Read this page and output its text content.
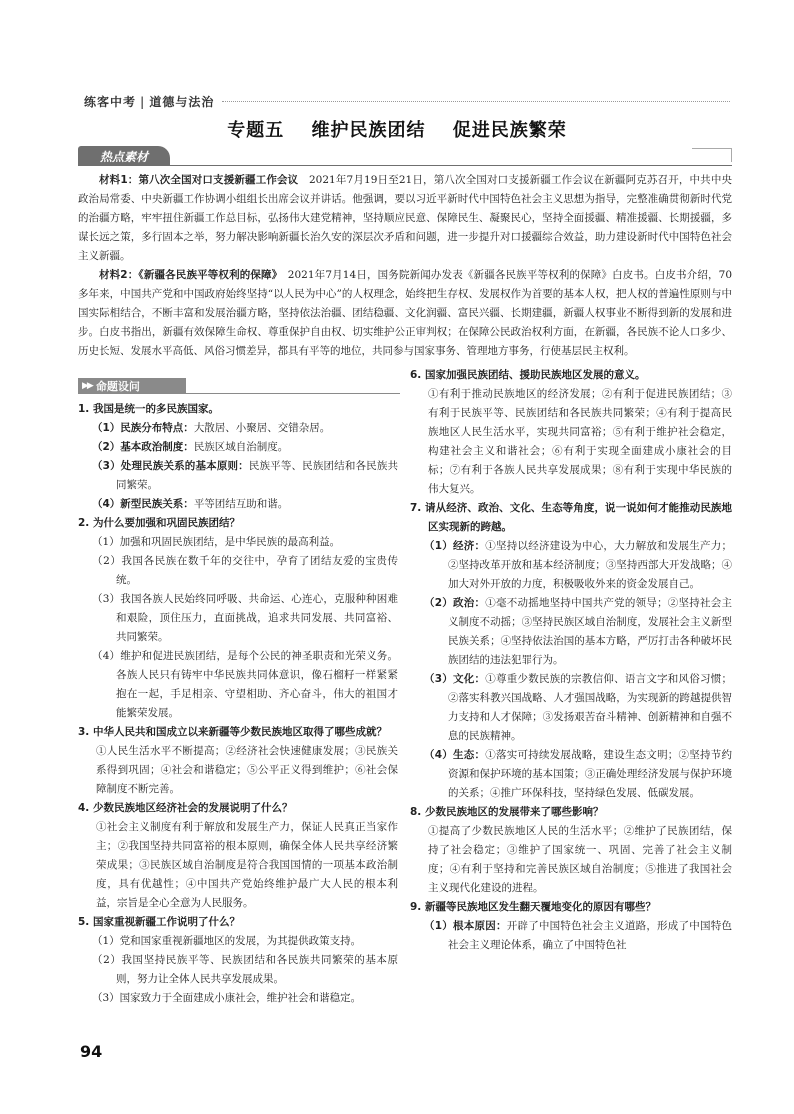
练客中考 | 道德与法治
专题五 维护民族团结 促进民族繁荣
热点素材

材料1：第八次全国对口支援新疆工作会议　 2021年7月19日至21日，第八次全国对口支援新疆工作会议在新疆阿克苏召开，中共中央政治局常委、中央新疆工作协调小组组长出席会议并讲话。他强调，要以习近平新时代中国特色社会主义思想为指导，完整准确贯彻新时代党的治疆方略，牢牢扭住新疆工作总目标，弘扬伟大建党精神，坚持顺应民意、保障民生、凝聚民心，坚持全面援疆、精准援疆、长期援疆，多谋长远之策，多行固本之举，努力解决影响新疆长治久安的深层次矛盾和问题，进一步提升对口援疆综合效益，助力建设新时代中国特色社会主义新疆。

材料2：《新疆各民族平等权利的保障》　 2021年7月14日，国务院新闻办发表《新疆各民族平等权利的保障》白皮书。白皮书介绍，70多年来，中国共产党和中国政府始终坚持“以人民为中心”的人权理念，始终把生存权、发展权作为首要的基本人权，把人权的普遍性原则与中国实际相结合，不断丰富和发展治疆方略，坚持依法治疆、团结稳疆、文化润疆、富民兴疆、长期建疆，新疆人权事业不断得到新的发展和进步。白皮书指出，新疆有效保障生命权、尊重保护自由权、切实维护公正审判权；在保障公民政治权利方面，在新疆，各民族不论人口多少、历史长短、发展水平高低、风俗习惯差异，都具有平等的地位，共同参与国家事务、管理地方事务，行使基层民主权利。

▶▶ 命题设问
1. 我国是统一的多民族国家。
（1）民族分布特点：大散居、小聚居、交错杂居。
（2）基本政治制度：民族区域自治制度。
（3）处理民族关系的基本原则：民族平等、民族团结和各民族共同繁荣。
（4）新型民族关系：平等团结互助和谐。
2. 为什么要加强和巩固民族团结？
（1）加强和巩固民族团结，是中华民族的最高利益。
（2）我国各民族在数千年的交往中，孕育了团结友爱的宝贵传统。
（3）我国各族人民始终同呼吸、共命运、心连心，克服种种困难和艰险，顶住压力，直面挑战，追求共同发展、共同富裕、共同繁荣。
（4）维护和促进民族团结，是每个公民的神圣职责和光荣义务。各族人民只有铸牢中华民族共同体意识，像石榴籽一样紧紧抱在一起，手足相亲、守望相助、齐心奋斗，伟大的祖国才能繁荣发展。
3. 中华人民共和国成立以来新疆等少数民族地区取得了哪些成就？
①人民生活水平不断提高；②经济社会快速健康发展；③民族关系得到巩固；④社会和谐稳定；⑤公平正义得到维护；⑥社会保障制度不断完善。
4. 少数民族地区经济社会的发展说明了什么？
①社会主义制度有利于解放和发展生产力，保证人民真正当家作主；②我国坚持共同富裕的根本原则，确保全体人民共享经济繁荣成果；③民族区域自治制度是符合我国国情的一项基本政治制度，具有优越性；④中国共产党始终维护最广大人民的根本利益，宗旨是全心全意为人民服务。
5. 国家重视新疆工作说明了什么？
（1）党和国家重视新疆地区的发展，为其提供政策支持。
（2）我国坚持民族平等、民族团结和各民族共同繁荣的基本原则，努力让全体人民共享发展成果。
（3）国家致力于全面建成小康社会，维护社会和谐稳定。
6. 国家加强民族团结、援助民族地区发展的意义。
①有利于推动民族地区的经济发展；②有利于促进民族团结；③有利于民族平等、民族团结和各民族共同繁荣；④有利于提高民族地区人民生活水平，实现共同富裕；⑤有利于维护社会稳定，构建社会主义和谐社会；⑥有利于实现全面建成小康社会的目标；⑦有利于各族人民共享发展成果；⑧有利于实现中华民族的伟大复兴。
7. 请从经济、政治、文化、生态等角度，说一说如何才能推动民族地区实现新的跨越。
（1）经济：①坚持以经济建设为中心，大力解放和发展生产力；②坚持改革开放和基本经济制度；③坚持西部大开发战略；④加大对外开放的力度，积极吸收外来的资金发展自己。
（2）政治：①毫不动摇地坚持中国共产党的领导；②坚持社会主义制度不动摇；③坚持民族区域自治制度，发展社会主义新型民族关系；④坚持依法治国的基本方略，严厉打击各种破坏民族团结的违法犯罪行为。
（3）文化：①尊重少数民族的宗教信仰、语言文字和风俗习惯；②落实科教兴国战略、人才强国战略，为实现新的跨越提供智力支持和人才保障；③发扬艰苦奋斗精神、创新精神和自强不息的民族精神。
（4）生态：①落实可持续发展战略，建设生态文明；②坚持节约资源和保护环境的基本国策；③正确处理经济发展与保护环境的关系；④推广环保科技，坚持绿色发展、低碳发展。
8. 少数民族地区的发展带来了哪些影响？
①提高了少数民族地区人民的生活水平；②维护了民族团结，保持了社会稳定；③维护了国家统一、巩固、完善了社会主义制度；④有利于坚持和完善民族区域自治制度；⑤推进了我国社会主义现代化建设的进程。
9. 新疆等民族地区发生翻天覆地变化的原因有哪些？
（1）根本原因：开辟了中国特色社会主义道路，形成了中国特色社会主义理论体系，确立了中国特色社
94
